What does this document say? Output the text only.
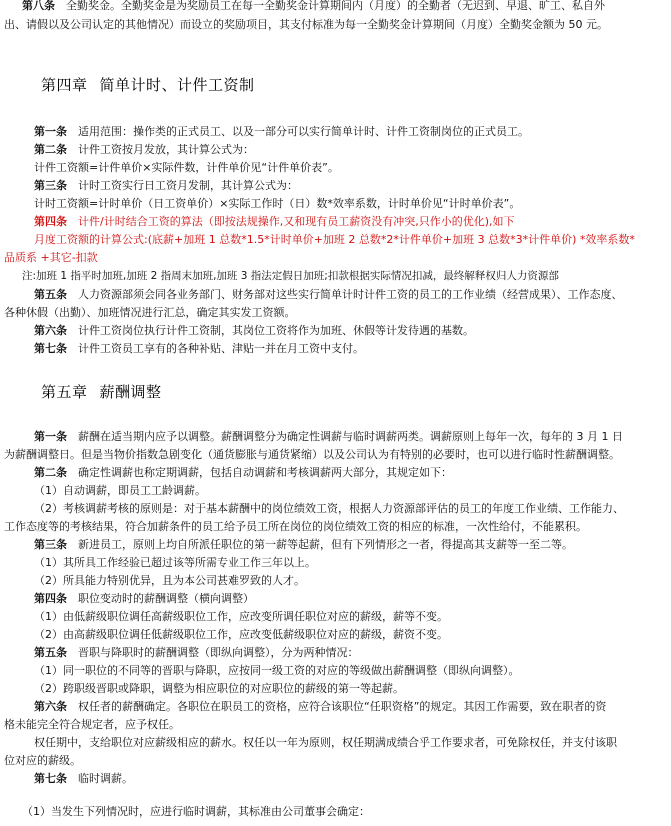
第八条  全勤奖金。全勤奖金是为奖励员工在每一全勤奖金计算期间内（月度）的全勤者（无迟到、早退、旷工、私自外

出、请假以及公司认定的其他情况）而设立的奖励项目，其支付标准为每一全勤奖金计算期间（月度）全勤奖金额为 50 元。

第四章 简单计时、计件工资制

第一条  适用范围：操作类的正式员工、以及一部分可以实行简单计时、计件工资制岗位的正式员工。

第二条  计件工资按月发放，其计算公式为：

计件工资额=计件单价×实际件数，计件单价见“计件单价表”。

第三条  计时工资实行日工资月发制，其计算公式为：

计时工资额=计时单价（日工资单价）×实际工作时（日）数*效率系数，计时单价见“计时单价表”。

第四条  计件/计时结合工资的算法（即按法规操作,又和现有员工薪资没有冲突,只作小的优化),如下

月度工资额的计算公式:(底薪+加班 1 总数*1.5*计时单价+加班 2 总数*2*计件单价+加班 3 总数*3*计件单价) *效率系数*

品质系 +其它-扣款

注:加班 1 指平时加班,加班 2 指周末加班,加班 3 指法定假日加班;扣款根据实际情况扣减，最终解释权归人力资源部

第五条  人力资源部须会同各业务部门、财务部对这些实行简单计时计件工资的员工的工作业绩（经营成果）、工作态度、

各种休假（出勤）、加班情况进行汇总，确定其实发工资额。

第六条  计件工资岗位执行计件工资制，其岗位工资将作为加班、休假等计发待遇的基数。

第七条  计件工资员工享有的各种补贴、津贴一并在月工资中支付。

第五章 薪酬调整

第一条  薪酬在适当期内应予以调整。薪酬调整分为确定性调薪与临时调薪两类。调薪原则上每年一次，每年的 3 月 1 日

为薪酬调整日。但是当物价指数急剧变化（通货膨胀与通货紧缩）以及公司认为有特别的必要时，也可以进行临时性薪酬调整。

第二条  确定性调薪也称定期调薪，包括自动调薪和考核调薪两大部分，其规定如下：

（1）自动调薪，即员工工龄调薪。

（2）考核调薪考核的原则是：对于基本薪酬中的岗位绩效工资，根据人力资源部评估的员工的年度工作业绩、工作能力、

工作态度等的考核结果，符合加薪条件的员工给予员工所在岗位的岗位绩效工资的相应的标准，一次性给付，不能累积。

第三条  新进员工，原则上均自所派任职位的第一薪等起薪，但有下列情形之一者，得提高其支薪等一至二等。

（1）其所具工作经验已超过该等所需专业工作三年以上。

（2）所具能力特别优异，且为本公司甚难罗致的人才。

第四条  职位变动时的薪酬调整（横向调整）

（1）由低薪级职位调任高薪级职位工作，应改变所调任职位对应的薪级，薪等不变。

（2）由高薪级职位调任低薪级职位工作，应改变低薪级职位对应的薪级，薪资不变。

第五条  晋职与降职时的薪酬调整（即纵向调整），分为两种情况：

（1）同一职位的不同等的晋职与降职，应按同一级工资的对应的等级做出薪酬调整（即纵向调整）。

（2）跨职级晋职或降职，调整为相应职位的对应职位的薪级的第一等起薪。

第六条  权任者的薪酬确定。各职位在职员工的资格，应符合该职位“任职资格”的规定。其因工作需要，致在职者的资

格未能完全符合规定者，应予权任。

权任期中，支给职位对应薪级相应的薪水。权任以一年为原则，权任期满成绩合乎工作要求者，可免除权任，并支付该职

位对应的薪级。

第七条  临时调薪。

（1）当发生下列情况时，应进行临时调薪，其标准由公司董事会确定：
